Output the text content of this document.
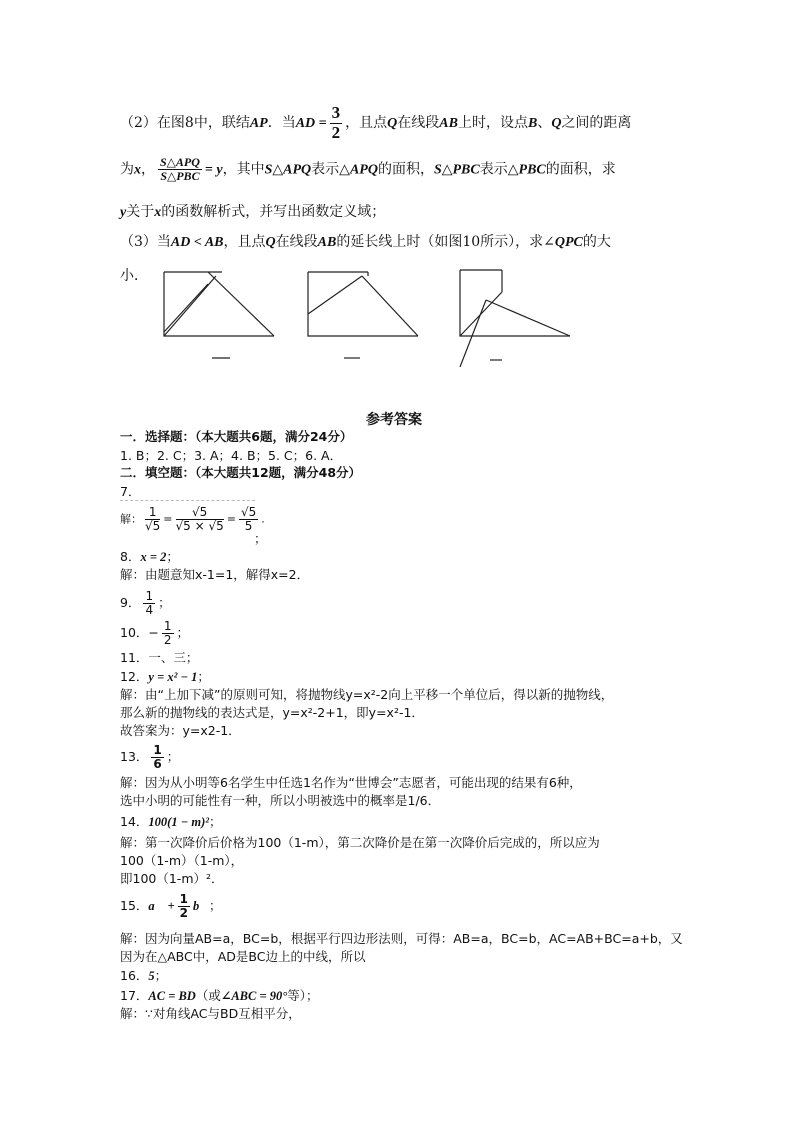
（2）在图8中，联结AP．当AD = $\frac{3}{2}$ ，且点Q在线段AB上时，设点B、Q之间的距离
为x， $\frac{\text{S△APQ}}{\text{S△PBC}} = y$，其中S△APQ表示△APQ的面积，S△PBC表示△PBC的面积，求
y关于x的函数解析式，并写出函数定义域；
（3）当AD < AB，且点Q在线段AB的延长线上时（如图10所示），求∠QPC的大
小．
参考答案
一．选择题：（本大题共6题，满分24分）
1. B；2. C；3. A；4. B；5. C；6. A．
二．填空题：（本大题共12题，满分48分）
7．
解： $\frac{1}{√5} = \frac{√5}{√5 \times √5} = \frac{√5}{5}$ .
；
8．x = 2；
解：由题意知x-1=1，解得x=2．
9． $\frac{1}{4}$ ；
10．− $\frac{1}{2}$ ；
11．一、三；
12．y = x² − 1；
解：由“上加下减”的原则可知，将抛物线y=x²-2向上平移一个单位后，得以新的抛物线，
那么新的抛物线的表达式是，y=x²-2+1，即y=x²-1．
故答案为：y=x2-1．
13． $\frac{1}{6}$ ；
解：因为从小明等6名学生中任选1名作为“世博会”志愿者，可能出现的结果有6种，
选中小明的可能性有一种，所以小明被选中的概率是1/6．
14．100(1 − m)²；
解：第一次降价后价格为100（1-m），第二次降价是在第一次降价后完成的，所以应为
100（1-m）（1-m），
即100（1-m）²．
15．a⃗ + $\frac{1}{2}$ b⃗；
解：因为向量AB=a，BC=b，根据平行四边形法则，可得：AB=a，BC=b，AC=AB+BC=a+b，又
因为在△ABC中，AD是BC边上的中线，所以
16．5；
17．AC = BD（或∠ABC = 90°等）；
解：∵对角线AC与BD互相平分，
